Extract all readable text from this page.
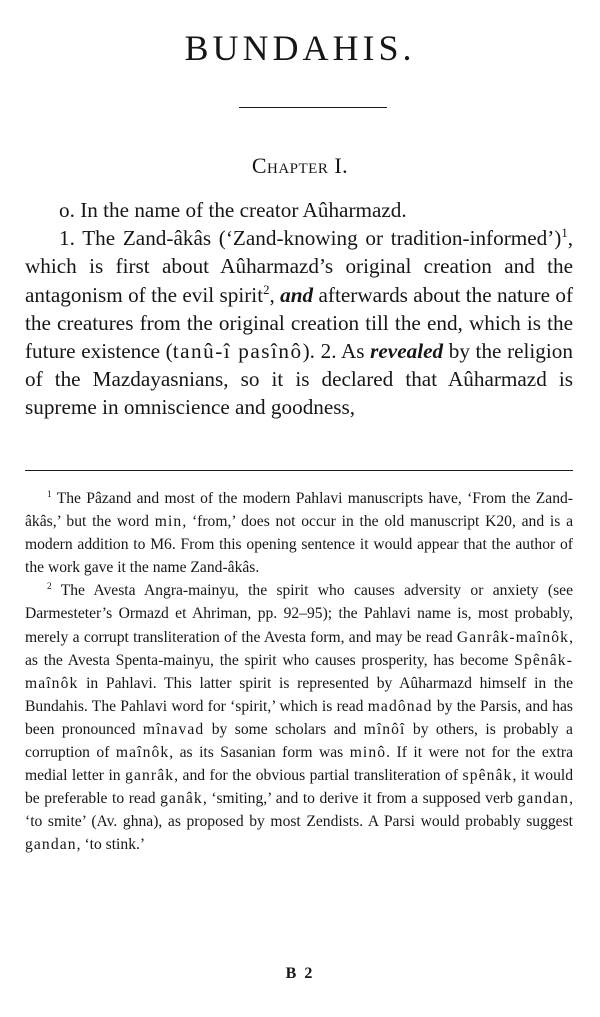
BUNDAHIS.
Chapter I.

o. In the name of the creator Aûharmazd.

1. The Zand-âkâs (‘Zand-knowing or tradition-informed’)$^1$, which is first about Aûharmazd’s original creation and the antagonism of the evil spirit$^2$, and afterwards about the nature of the creatures from the original creation till the end, which is the future existence (tanû-î pasînô). 2. As revealed by the religion of the Mazdayasnians, so it is declared that Aûharmazd is supreme in omniscience and goodness,

$^1$ The Pâzand and most of the modern Pahlavi manuscripts have, ‘From the Zand-âkâs,’ but the word min, ‘from,’ does not occur in the old manuscript K20, and is a modern addition to M6. From this opening sentence it would appear that the author of the work gave it the name Zand-âkâs.

$^2$ The Avesta Angra-mainyu, the spirit who causes adversity or anxiety (see Darmesteter’s Ormazd et Ahriman, pp. 92–95); the Pahlavi name is, most probably, merely a corrupt transliteration of the Avesta form, and may be read Ganrâk-maînôk, as the Avesta Spenta-mainyu, the spirit who causes prosperity, has become Spênâk-maînôk in Pahlavi. This latter spirit is represented by Aûharmazd himself in the Bundahis. The Pahlavi word for ‘spirit,’ which is read madônad by the Parsis, and has been pronounced mînavad by some scholars and mînôî by others, is probably a corruption of maînôk, as its Sasanian form was minô. If it were not for the extra medial letter in ganrâk, and for the obvious partial transliteration of spênâk, it would be preferable to read ganâk, ‘smiting,’ and to derive it from a supposed verb gandan, ‘to smite’ (Av. ghna), as proposed by most Zendists. A Parsi would probably suggest gandan, ‘to stink.’

B 2
